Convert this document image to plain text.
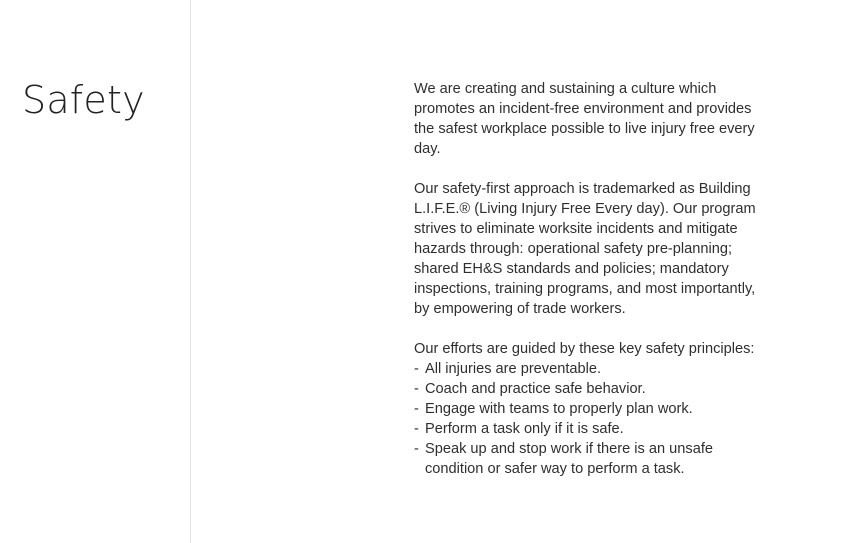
Safety	We are creating and sustaining a culture which promotes an incident-free environment and provides the safest workplace possible to live injury free every day.

Our safety-first approach is trademarked as Building L.I.F.E.® (Living Injury Free Every day). Our program strives to eliminate worksite incidents and mitigate hazards through: operational safety pre-planning; shared EH&S standards and policies; mandatory inspections, training programs, and most importantly, by empowering of trade workers.

Our efforts are guided by these key safety principles:
- All injuries are preventable.
- Coach and practice safe behavior.
- Engage with teams to properly plan work.
- Perform a task only if it is safe.
- Speak up and stop work if there is an unsafe condition or safer way to perform a task.
